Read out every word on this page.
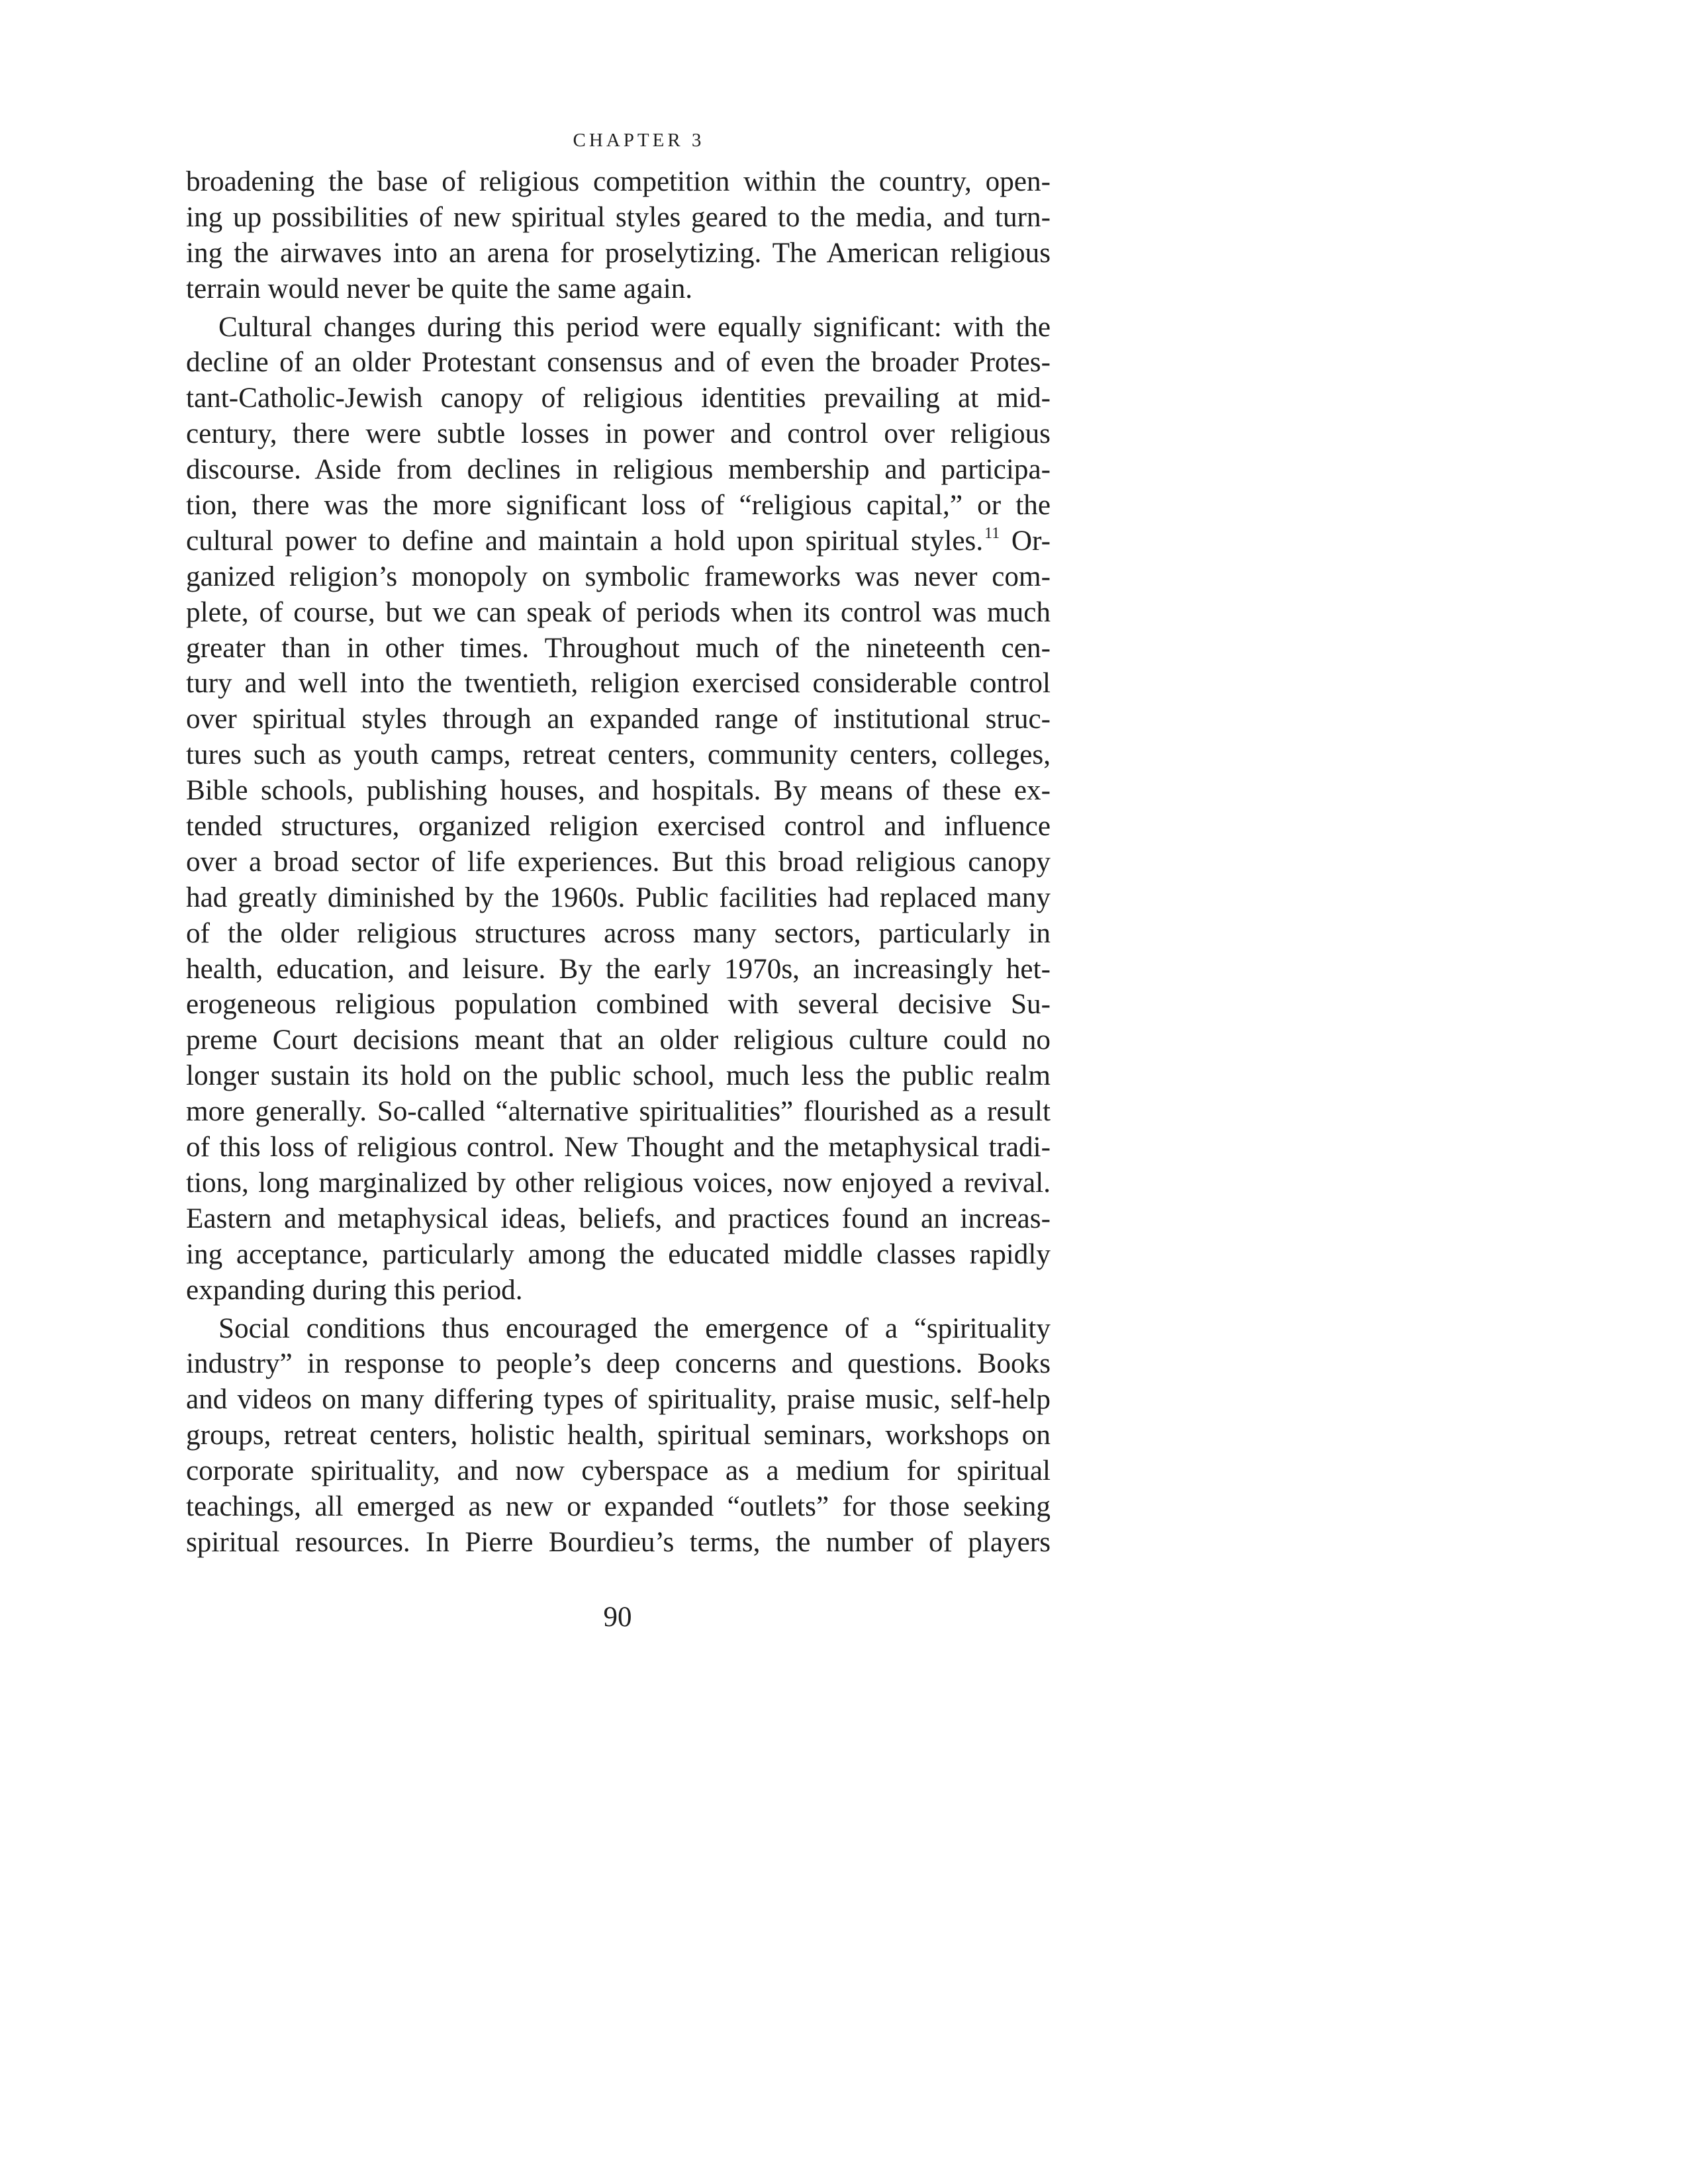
CHAPTER 3
broadening the base of religious competition within the country, open-
ing up possibilities of new spiritual styles geared to the media, and turn-
ing the airwaves into an arena for proselytizing. The American religious
terrain would never be quite the same again.
Cultural changes during this period were equally significant: with the
decline of an older Protestant consensus and of even the broader Protes-
tant-Catholic-Jewish canopy of religious identities prevailing at mid-
century, there were subtle losses in power and control over religious
discourse. Aside from declines in religious membership and participa-
tion, there was the more significant loss of “religious capital,” or the
cultural power to define and maintain a hold upon spiritual styles.$^{11}$ Or-
ganized religion’s monopoly on symbolic frameworks was never com-
plete, of course, but we can speak of periods when its control was much
greater than in other times. Throughout much of the nineteenth cen-
tury and well into the twentieth, religion exercised considerable control
over spiritual styles through an expanded range of institutional struc-
tures such as youth camps, retreat centers, community centers, colleges,
Bible schools, publishing houses, and hospitals. By means of these ex-
tended structures, organized religion exercised control and influence
over a broad sector of life experiences. But this broad religious canopy
had greatly diminished by the 1960s. Public facilities had replaced many
of the older religious structures across many sectors, particularly in
health, education, and leisure. By the early 1970s, an increasingly het-
erogeneous religious population combined with several decisive Su-
preme Court decisions meant that an older religious culture could no
longer sustain its hold on the public school, much less the public realm
more generally. So-called “alternative spiritualities” flourished as a result
of this loss of religious control. New Thought and the metaphysical tradi-
tions, long marginalized by other religious voices, now enjoyed a revival.
Eastern and metaphysical ideas, beliefs, and practices found an increas-
ing acceptance, particularly among the educated middle classes rapidly
expanding during this period.
Social conditions thus encouraged the emergence of a “spirituality
industry” in response to people’s deep concerns and questions. Books
and videos on many differing types of spirituality, praise music, self-help
groups, retreat centers, holistic health, spiritual seminars, workshops on
corporate spirituality, and now cyberspace as a medium for spiritual
teachings, all emerged as new or expanded “outlets” for those seeking
spiritual resources. In Pierre Bourdieu’s terms, the number of players
90
